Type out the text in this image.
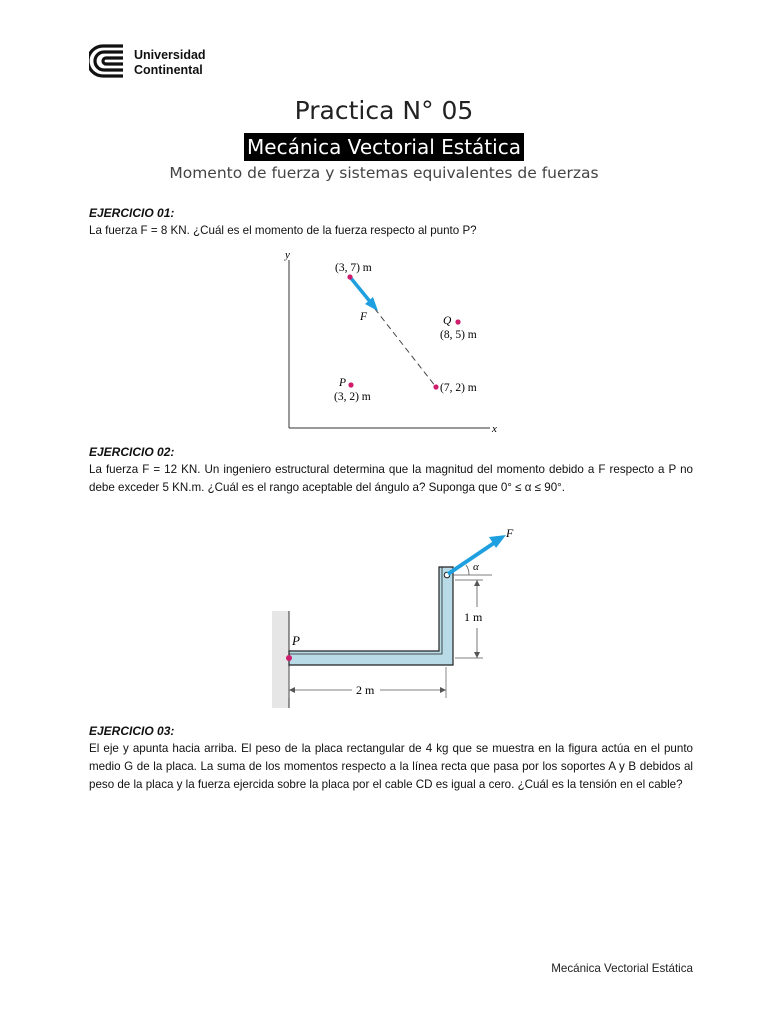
Universidad
Continental
Practica N° 05
Mecánica Vectorial Estática
Momento de fuerza y sistemas equivalentes de fuerzas
EJERCICIO 01:
La fuerza F = 8 KN. ¿Cuál es el momento de la fuerza respecto al punto P?
y
x
(3, 7) m
F	Q
(8, 5) m
(7, 2) m
P
(3, 2) m
EJERCICIO 02:
La fuerza F = 12 KN. Un ingeniero estructural determina que la magnitud del momento debido a F respecto a P no debe exceder 5 KN.m. ¿Cuál es el rango aceptable del ángulo a? Suponga que 0° ≤ α ≤ 90°.
F
α
1 m
2 m
P
EJERCICIO 03:
El eje y apunta hacia arriba. El peso de la placa rectangular de 4 kg que se muestra en la figura actúa en el punto medio G de la placa. La suma de los momentos respecto a la línea recta que pasa por los soportes A y B debidos al peso de la placa y la fuerza ejercida sobre la placa por el cable CD es igual a cero. ¿Cuál es la tensión en el cable?
Mecánica Vectorial Estática
